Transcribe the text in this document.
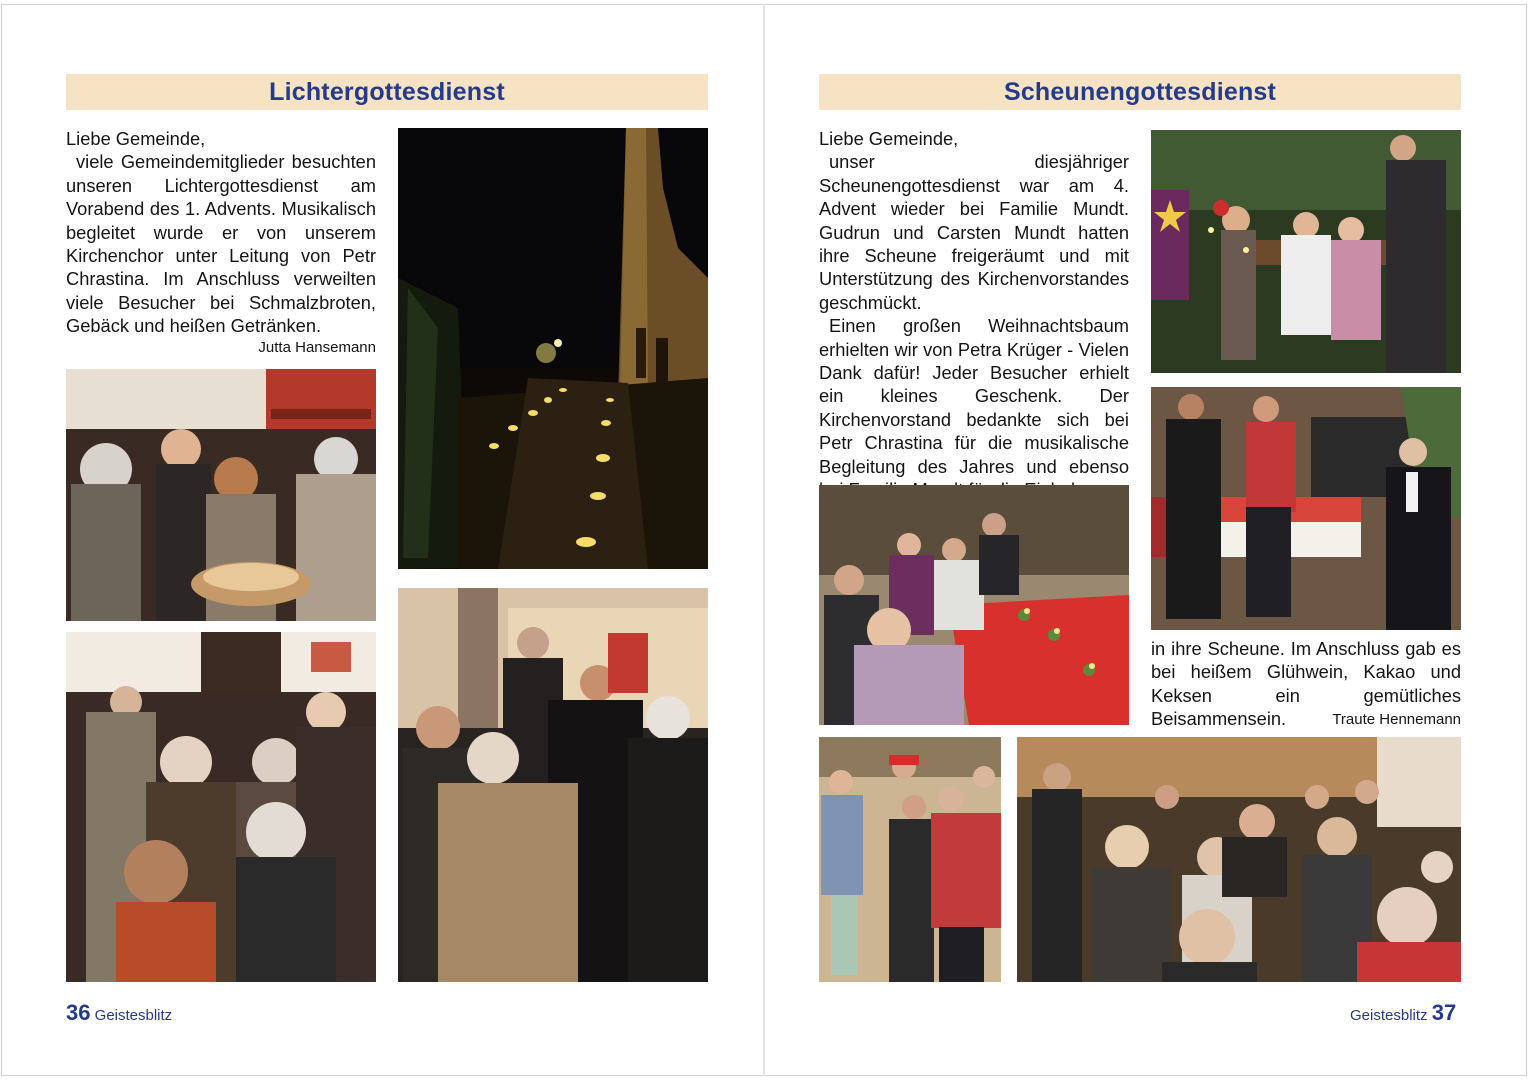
Lichtergottesdienst

Liebe Gemeinde,

viele Gemeindemitglieder besuchten unseren Lichtergottesdienst am Vorabend des 1. Advents. Musikalisch begleitet wurde er von unserem Kirchenchor unter Leitung von Petr Chrastina. Im Anschluss verweilten viele Besucher bei Schmalzbroten, Gebäck und heißen Getränken.

Jutta Hansemann
36
Geistesblitz
Scheunengottesdienst

Liebe Gemeinde,

unser diesjähriger Scheunengottesdienst war am 4. Advent wieder bei Familie Mundt. Gudrun und Carsten Mundt hatten ihre Scheune freigeräumt und mit Unterstützung des Kirchenvorstandes geschmückt.

Einen großen Weihnachtsbaum erhielten wir von Petra Krüger - Vielen Dank dafür! Jeder Besucher erhielt ein kleines Geschenk. Der Kirchenvorstand bedankte sich bei Petr Chrastina für die musikalische Begleitung des Jahres und ebenso

in ihre Scheune. Im Anschluss gab es bei heißem Glühwein, Kakao und Keksen ein gemütliches Beisammensein.	Traute Hennemann
Geistesblitz
37
